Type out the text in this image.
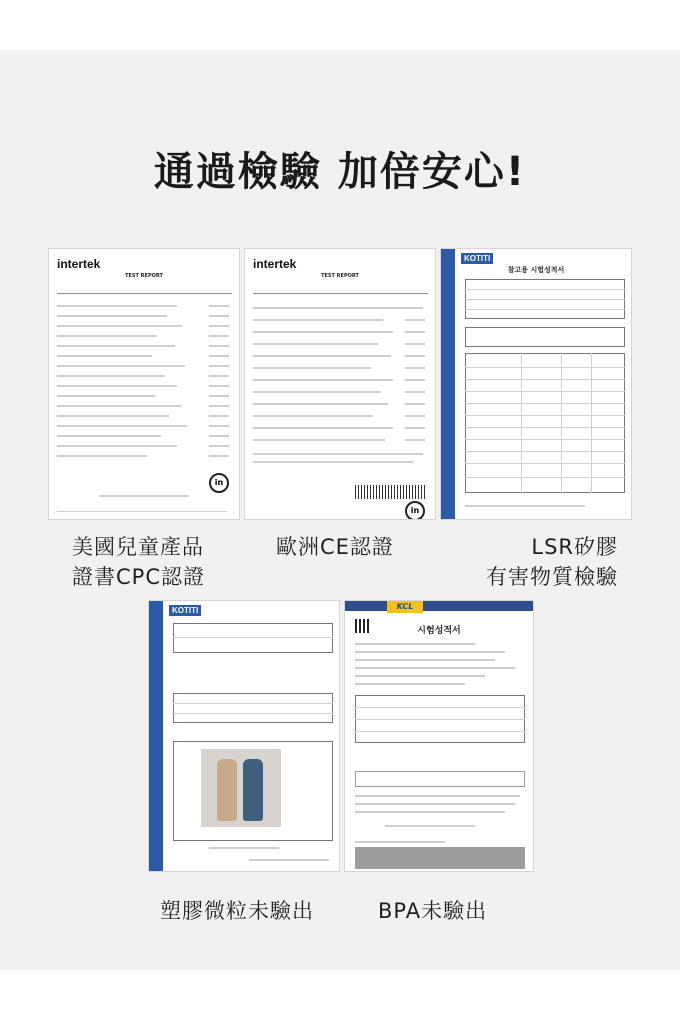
通過檢驗 加倍安心!
intertek
TEST REPORT
in
intertek
TEST REPORT
in
KOTITI
참고용 시험성적서
美國兒童產品
證書CPC認證
歐洲CE認證	LSR矽膠
有害物質檢驗
KOTITI	KCL
시험성적서
塑膠微粒未驗出	BPA未驗出
